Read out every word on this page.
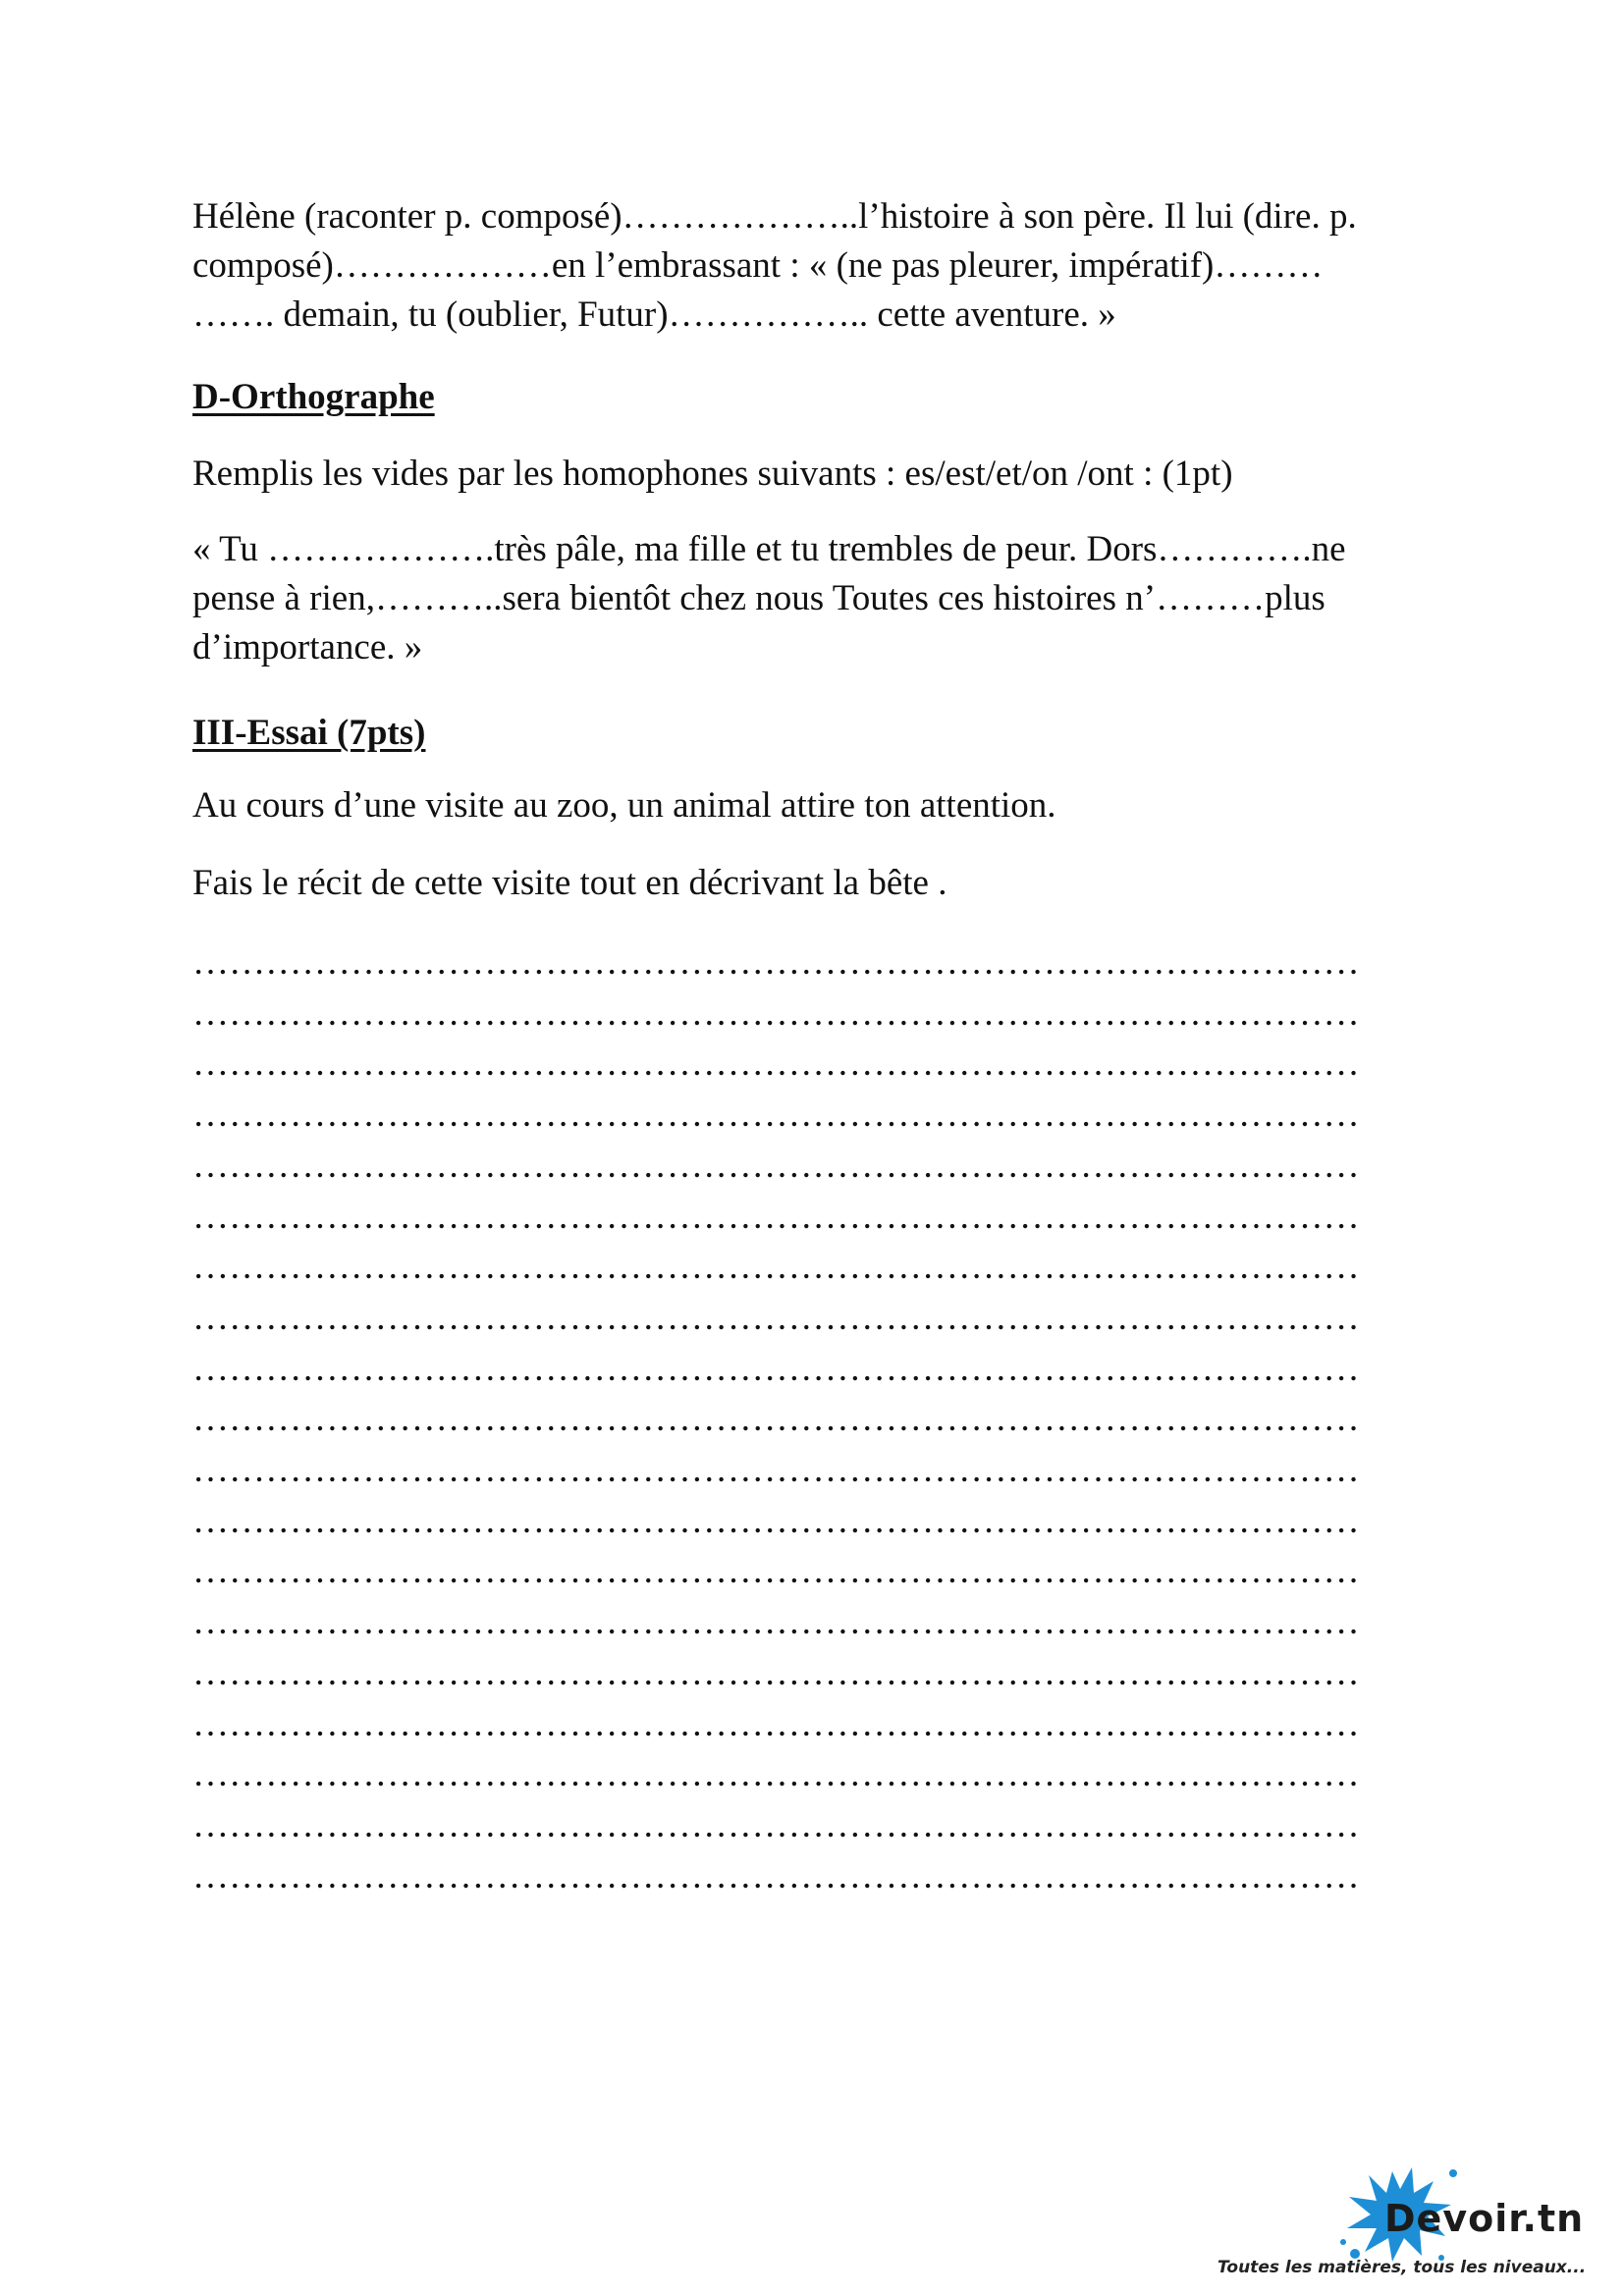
Hélène (raconter p. composé)………………..l’histoire à son père. Il lui (dire. p.
composé)………………en l’embrassant : « (ne pas pleurer, impératif)………
……. demain, tu (oublier, Futur)…………….. cette aventure. »

D-Orthographe

Remplis les vides par les homophones suivants : es/est/et/on /ont : (1pt)

« Tu ……………….très pâle, ma fille et tu trembles de peur. Dors………….ne
pense à rien,………..sera bientôt chez nous Toutes ces histoires n’………plus
d’importance. »

III-Essai (7pts)

Au cours d’une visite au zoo, un animal attire ton attention.

Fais le récit de cette visite tout en décrivant la bête .

……………………………………………………………………………………
……………………………………………………………………………………
……………………………………………………………………………………
……………………………………………………………………………………
……………………………………………………………………………………
……………………………………………………………………………………
……………………………………………………………………………………
……………………………………………………………………………………
……………………………………………………………………………………
……………………………………………………………………………………
……………………………………………………………………………………
……………………………………………………………………………………
……………………………………………………………………………………
……………………………………………………………………………………
……………………………………………………………………………………
……………………………………………………………………………………
……………………………………………………………………………………
……………………………………………………………………………………
……………………………………………………………………………………
Devoir.tn
Toutes les matières, tous les niveaux...
